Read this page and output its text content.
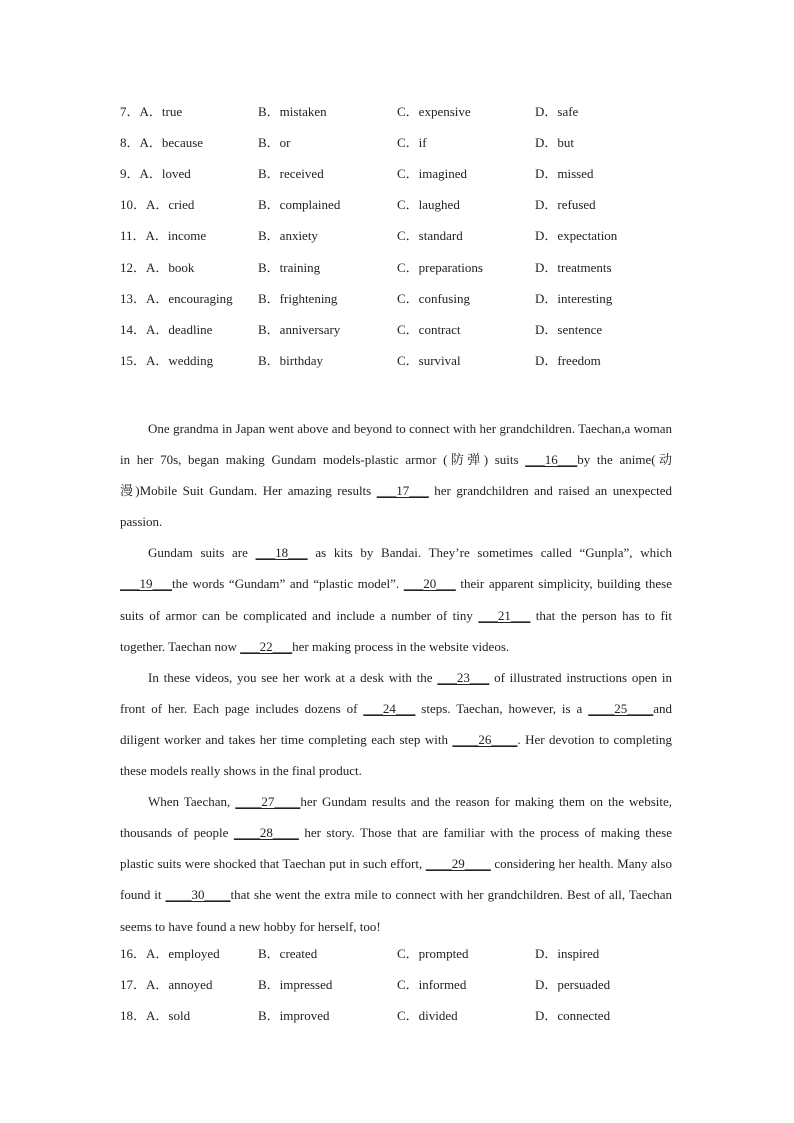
7．A．true	B．mistaken	C．expensive	D．safe
8．A．because	B．or	C．if	D．but
9．A．loved	B．received	C．imagined	D．missed
10．A．cried	B．complained	C．laughed	D．refused
11．A．income	B．anxiety	C．standard	D．expectation
12．A．book	B．training	C．preparations	D．treatments
13．A．encouraging B．frightening	C．confusing	D．interesting
14．A．deadline	B．anniversary	C．contract	D．sentence
15．A．wedding	B．birthday	C．survival	D．freedom

One grandma in Japan went above and beyond to connect with her grandchildren. Taechan,a woman in her 70s, began making Gundam models-plastic armor (防弹) suits ___16___by the anime(动漫)Mobile Suit Gundam. Her amazing results ___17___ her grandchildren and raised an unexpected passion.

Gundam suits are ___18___ as kits by Bandai. They’re sometimes called “Gunpla”, which ___19___the words “Gundam” and “plastic model”. ___20___ their apparent simplicity, building these suits of armor can be complicated and include a number of tiny ___21___ that the person has to fit together. Taechan now ___22___her making process in the website videos.

In these videos, you see her work at a desk with the ___23___ of illustrated instructions open in front of her. Each page includes dozens of ___24___ steps. Taechan, however, is a ____25____and diligent worker and takes her time completing each step with ____26____. Her devotion to completing these models really shows in the final product.

When Taechan, ____27____her Gundam results and the reason for making them on the website, thousands of people ____28____ her story. Those that are familiar with the process of making these plastic suits were shocked that Taechan put in such effort, ____29____ considering her health. Many also found it ____30____that she went the extra mile to connect with her grandchildren. Best of all, Taechan seems to have found a new hobby for herself, too!

16．A．employed	B．created	C．prompted	D．inspired
17．A．annoyed	B．impressed	C．informed	D．persuaded
18．A．sold	B．improved	C．divided	D．connected
